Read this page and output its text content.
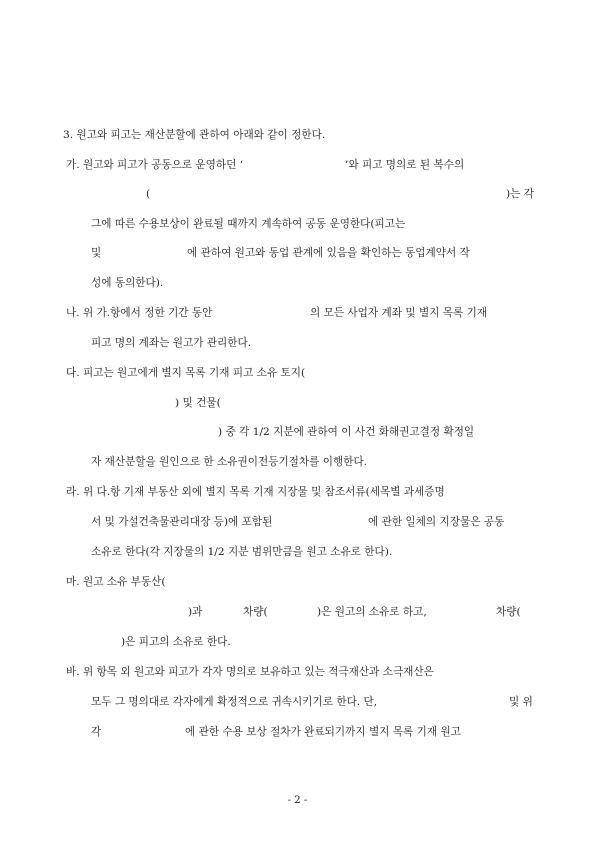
3. 원고와 피고는 재산분할에 관하여 아래와 같이 정한다.
가. 원고와 피고가 공동으로 운영하던 ‘	’와 피고 명의로 된 복수의
(	)는 각
그에 따른 수용보상이 완료될 때까지 계속하여 공동 운영한다(피고는
및	에 관하여 원고와 동업 관계에 있음을 확인하는 동업계약서 작
성에 동의한다).
나. 위 가.항에서 정한 기간 동안	의 모든 사업자 계좌 및 별지 목록 기재
피고 명의 계좌는 원고가 관리한다.
다. 피고는 원고에게 별지 목록 기재 피고 소유 토지(
) 및 건물(
) 중 각 1/2 지분에 관하여 이 사건 화해권고결정 확정일
자 재산분할을 원인으로 한 소유권이전등기절차를 이행한다.
라. 위 다.항 기재 부동산 외에 별지 목록 기재 지장물 및 참조서류(세목별 과세증명
서 및 가설건축물관리대장 등)에 포함된	에 관한 일체의 지장물은 공동
소유로 한다(각 지장물의 1/2 지분 범위만큼을 원고 소유로 한다).
마. 원고 소유 부동산(
)과	차량(	)은 원고의 소유로 하고,	차량(
)은 피고의 소유로 한다.
바. 위 항목 외 원고와 피고가 각자 명의로 보유하고 있는 적극재산과 소극재산은
모두 그 명의대로 각자에게 확정적으로 귀속시키기로 한다. 단,	및 위
각	에 관한 수용 보상 절차가 완료되기까지 별지 목록 기재 원고
- 2 -
